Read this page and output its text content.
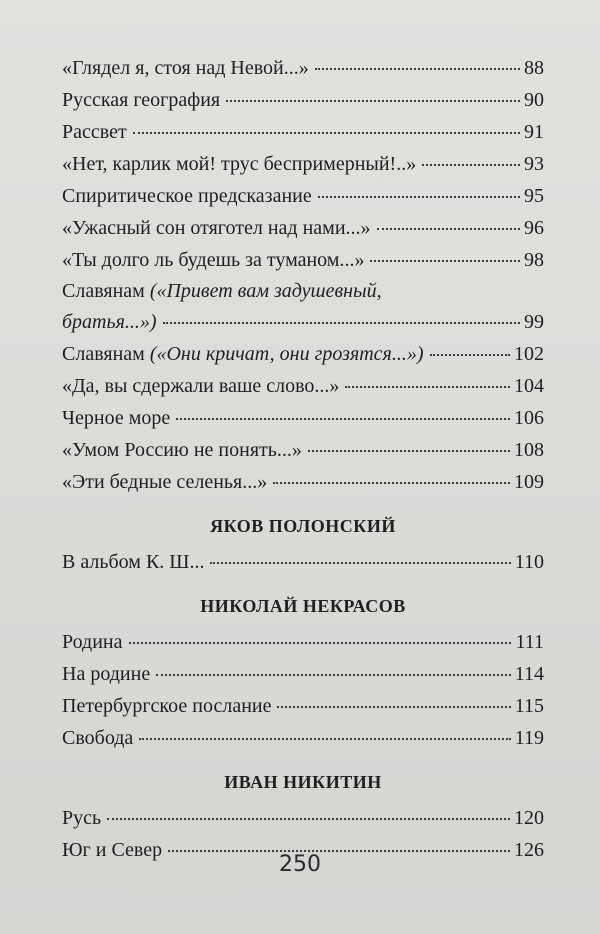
«Глядел я, стоя над Невой...»	88
Русская география	90
Рассвет	91
«Нет, карлик мой! трус беспримерный!..»	93
Спиритическое предсказание	95
«Ужасный сон отяготел над нами...»	96
«Ты долго ль будешь за туманом...»	98
Славянам («Привет вам задушевный,
братья...»)	99
Славянам («Они кричат, они грозятся...»)	102
«Да, вы сдержали ваше слово...»	104
Черное море	106
«Умом Россию не понять...»	108
«Эти бедные селенья...»	109
ЯКОВ ПОЛОНСКИЙ
В альбом К. Ш...	110
НИКОЛАЙ НЕКРАСОВ
Родина	111
На родине	114
Петербургское послание	115
Свобода	119
ИВАН НИКИТИН
Русь	120
Юг и Север	126
250
